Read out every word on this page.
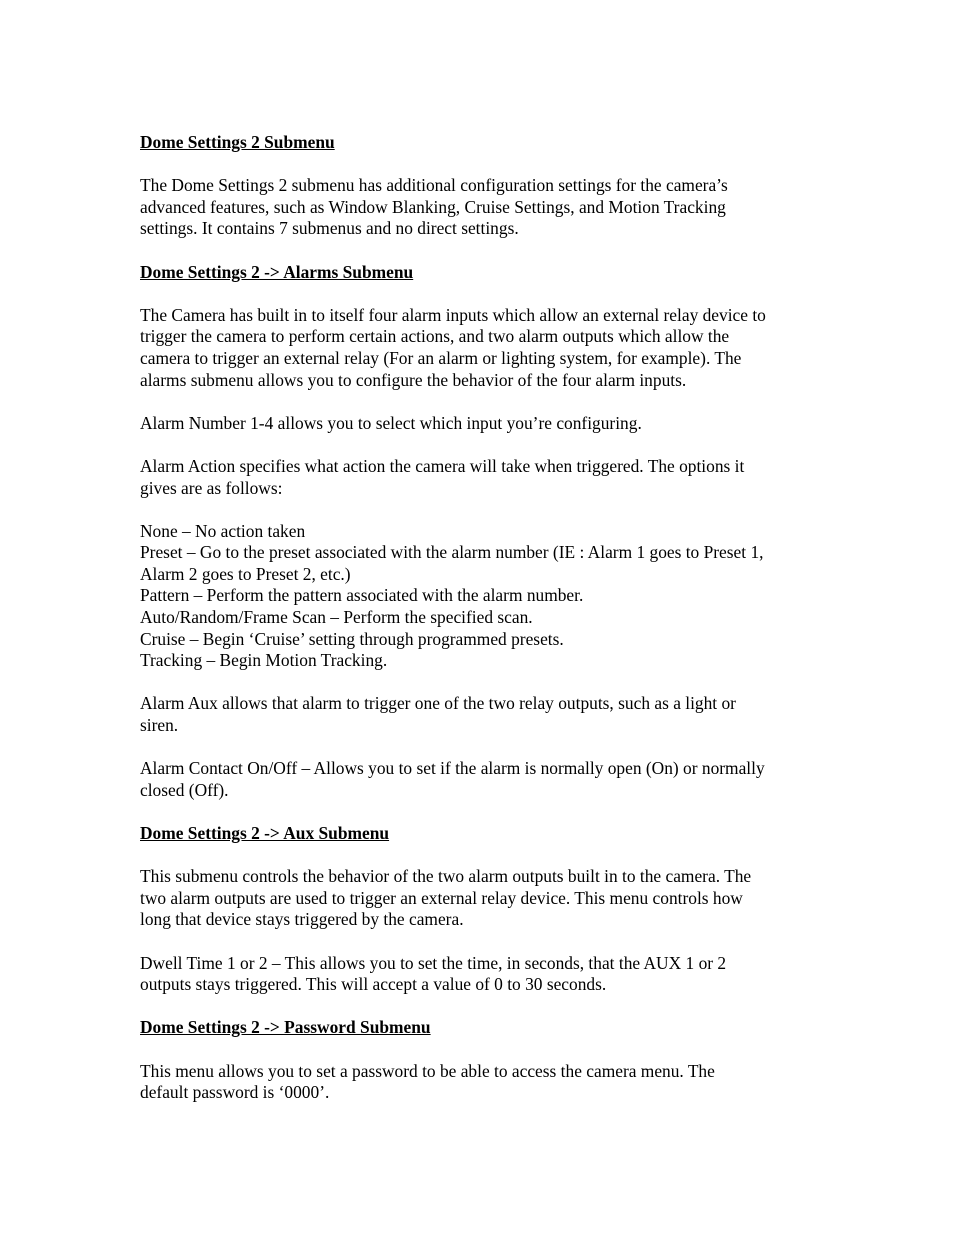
Dome Settings 2 Submenu
The Dome Settings 2 submenu has additional configuration settings for the camera’s
advanced features, such as Window Blanking, Cruise Settings, and Motion Tracking
settings. It contains 7 submenus and no direct settings.
Dome Settings 2 -> Alarms Submenu
The Camera has built in to itself four alarm inputs which allow an external relay device to
trigger the camera to perform certain actions, and two alarm outputs which allow the
camera to trigger an external relay (For an alarm or lighting system, for example). The
alarms submenu allows you to configure the behavior of the four alarm inputs.
Alarm Number 1-4 allows you to select which input you’re configuring.
Alarm Action specifies what action the camera will take when triggered. The options it
gives are as follows:
None – No action taken
Preset – Go to the preset associated with the alarm number (IE : Alarm 1 goes to Preset 1,
Alarm 2 goes to Preset 2, etc.)
Pattern – Perform the pattern associated with the alarm number.
Auto/Random/Frame Scan – Perform the specified scan.
Cruise – Begin ‘Cruise’ setting through programmed presets.
Tracking – Begin Motion Tracking.
Alarm Aux allows that alarm to trigger one of the two relay outputs, such as a light or
siren.
Alarm Contact On/Off – Allows you to set if the alarm is normally open (On) or normally
closed (Off).
Dome Settings 2 -> Aux Submenu
This submenu controls the behavior of the two alarm outputs built in to the camera. The
two alarm outputs are used to trigger an external relay device. This menu controls how
long that device stays triggered by the camera.
Dwell Time 1 or 2 – This allows you to set the time, in seconds, that the AUX 1 or 2
outputs stays triggered. This will accept a value of 0 to 30 seconds.
Dome Settings 2 -> Password Submenu
This menu allows you to set a password to be able to access the camera menu. The
default password is ‘0000’.
